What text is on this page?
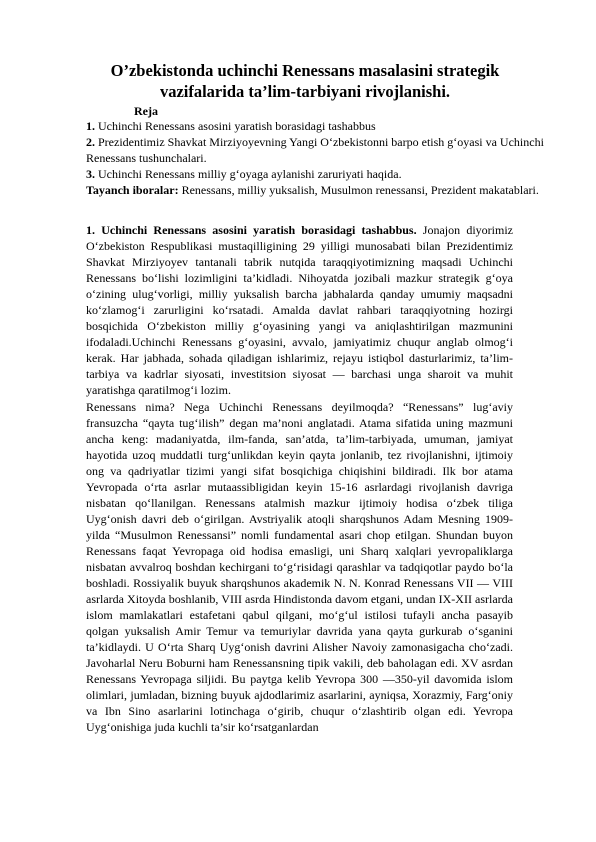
O’zbekistonda uchinchi Renessans masalasini strategik vazifalarida ta’lim-tarbiyani rivojlanishi.
Reja

1. Uchinchi Renessans asosini yaratish borasidagi tashabbus

2. Prezidentimiz Shavkat Mirziyoyevning Yangi O‘zbekistonni barpo etish g‘oyasi va Uchinchi Renessans tushunchalari.

3. Uchinchi Renessans milliy g‘oyaga aylanishi zaruriyati haqida.

Tayanch iboralar: Renessans, milliy yuksalish, Musulmon renessansi, Prezident makatablari.

1. Uchinchi Renessans asosini yaratish borasidagi tashabbus. Jonajon diyorimiz O‘zbekiston Respublikasi mustaqilligining 29 yilligi munosabati bilan Prezidentimiz Shavkat Mirziyoyev tantanali tabrik nutqida taraqqiyotimizning maqsadi Uchinchi Renessans bo‘lishi lozimligini ta’kidladi. Nihoyatda jozibali mazkur strategik g‘oya o‘zining ulug‘vorligi, milliy yuksalish barcha jabhalarda qanday umumiy maqsadni ko‘zlamog‘i zarurligini ko‘rsatadi. Amalda davlat rahbari taraqqiyotning hozirgi bosqichida O‘zbekiston milliy g‘oyasining yangi va aniqlashtirilgan mazmunini ifodaladi.Uchinchi Renessans g‘oyasini, avvalo, jamiyatimiz chuqur anglab olmog‘i kerak. Har jabhada, sohada qiladigan ishlarimiz, rejayu istiqbol dasturlarimiz, ta’lim-tarbiya va kadrlar siyosati, investitsion siyosat — barchasi unga sharoit va muhit yaratishga qaratilmog‘i lozim.

Renessans nima? Nega Uchinchi Renessans deyilmoqda? “Renessans” lug‘aviy fransuzcha “qayta tug‘ilish” degan ma’noni anglatadi. Atama sifatida uning mazmuni ancha keng: madaniyatda, ilm-fanda, san’atda, ta’lim-tarbiyada, umuman, jamiyat hayotida uzoq muddatli turg‘unlikdan keyin qayta jonlanib, tez rivojlanishni, ijtimoiy ong va qadriyatlar tizimi yangi sifat bosqichiga chiqishini bildiradi. Ilk bor atama Yevropada o‘rta asrlar mutaassibligidan keyin 15-16 asrlardagi rivojlanish davriga nisbatan qo‘llanilgan. Renessans atalmish mazkur ijtimoiy hodisa o‘zbek tiliga Uyg‘onish davri deb o‘girilgan. Avstriyalik atoqli sharqshunos Adam Mesning 1909-yilda “Musulmon Renessansi” nomli fundamental asari chop etilgan. Shundan buyon Renessans faqat Yevropaga oid hodisa emasligi, uni Sharq xalqlari yevropaliklarga nisbatan avvalroq boshdan kechirgani to‘g‘risidagi qarashlar va tadqiqotlar paydo bo‘la boshladi. Rossiyalik buyuk sharqshunos akademik N. N. Konrad Renessans VII — VIII asrlarda Xitoyda boshlanib, VIII asrda Hindistonda davom etgani, undan IX-XII asrlarda islom mamlakatlari estafetani qabul qilgani, mo‘g‘ul istilosi tufayli ancha pasayib qolgan yuksalish Amir Temur va temuriylar davrida yana qayta gurkurab o‘sganini ta’kidlaydi. U O‘rta Sharq Uyg‘onish davrini Alisher Navoiy zamonasigacha cho‘zadi. Javoharlal Neru Boburni ham Renessansning tipik vakili, deb baholagan edi. XV asrdan Renessans Yevropaga siljidi. Bu paytga kelib Yevropa 300 —350-yil davomida islom olimlari, jumladan, bizning buyuk ajdodlarimiz asarlarini, ayniqsa, Xorazmiy, Farg‘oniy va Ibn Sino asarlarini lotinchaga o‘girib, chuqur o‘zlashtirib olgan edi. Yevropa Uyg‘onishiga juda kuchli ta’sir ko‘rsatganlardan
